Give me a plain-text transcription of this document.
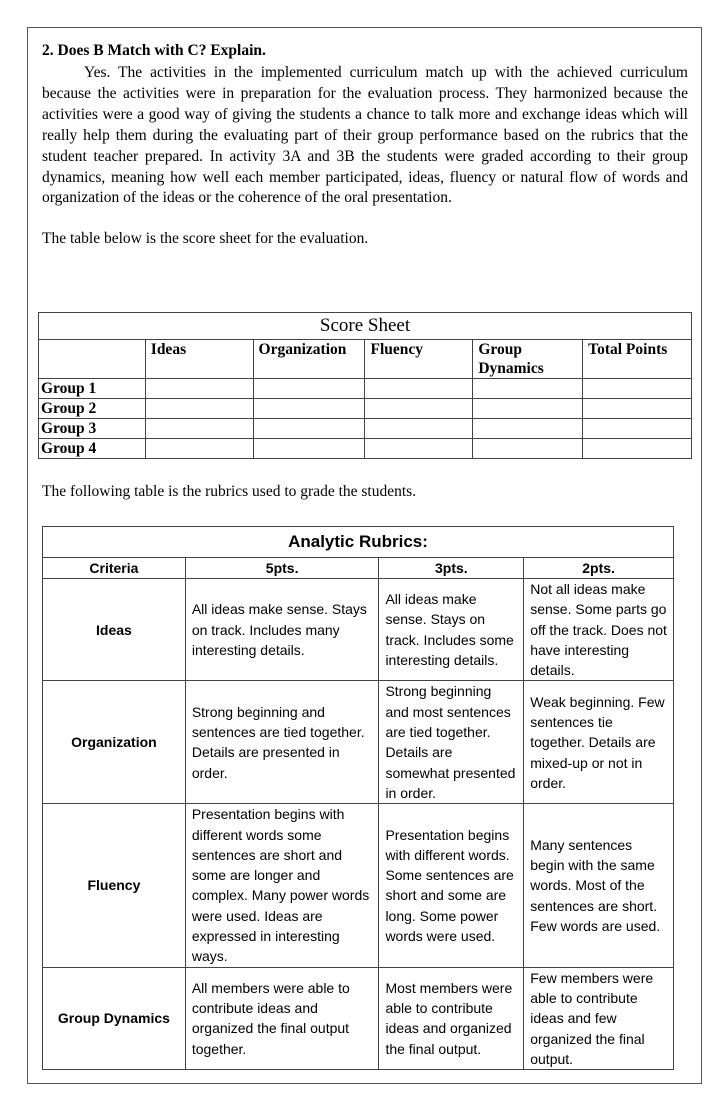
2. Does B Match with C? Explain.

Yes. The activities in the implemented curriculum match up with the achieved curriculum because the activities were in preparation for the evaluation process. They harmonized because the activities were a good way of giving the students a chance to talk more and exchange ideas which will really help them during the evaluating part of their group performance based on the rubrics that the student teacher prepared. In activity 3A and 3B the students were graded according to their group dynamics, meaning how well each member participated, ideas, fluency or natural flow of words and organization of the ideas or the coherence of the oral presentation.

The table below is the score sheet for the evaluation.

Score Sheet					
	Ideas	Organization	Fluency	Group Dynamics	Total Points
Group 1					
Group 2					
Group 3					
Group 4					

The following table is the rubrics used to grade the students.

Analytic Rubrics:			
Criteria	5pts.	3pts.	2pts.
Ideas	All ideas make sense. Stays on track. Includes many interesting details.	All ideas make sense. Stays on track. Includes some interesting details.	Not all ideas make sense. Some parts go off the track. Does not have interesting details.
Organization	Strong beginning and sentences are tied together. Details are presented in order.	Strong beginning and most sentences are tied together. Details are somewhat presented in order.	Weak beginning. Few sentences tie together. Details are mixed-up or not in order.
Fluency	Presentation begins with different words some sentences are short and some are longer and complex. Many power words were used. Ideas are expressed in interesting ways.	Presentation begins with different words. Some sentences are short and some are long. Some power words were used.	Many sentences begin with the same words. Most of the sentences are short. Few words are used.
Group Dynamics	All members were able to contribute ideas and organized the final output together.	Most members were able to contribute ideas and organized the final output.	Few members were able to contribute ideas and few organized the final output.
